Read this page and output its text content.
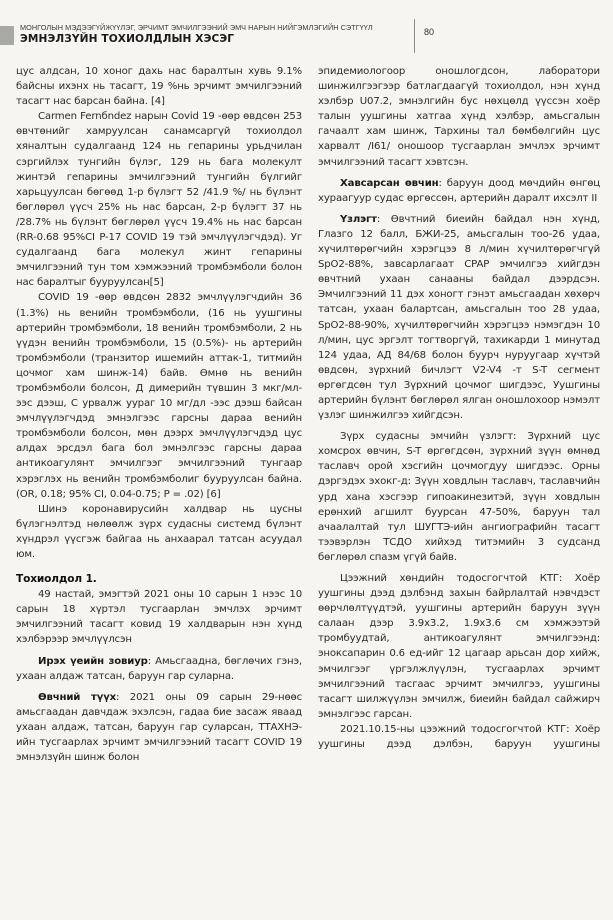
МОНГОЛЫН МЭДЭЭГҮЙЖҮҮЛЭГ, ЭРЧИМТ ЭМЧИЛГЭЭНИЙ ЭМЧ НАРЫН НИЙГЭМЛЭГИЙН СЭТГҮҮЛ
ЭМНЭЛЗҮЙН ТОХИОЛДЛЫН ХЭСЭГ
80

цус алдсан, 10 хоног дахь нас баралтын хувь 9.1% байсны ихэнх нь тасагт, 19 %нь эрчимт эмчилгээний тасагт нас барсан байна. [4]

Carmen Fernбndez нарын Covid 19 -өөр өвдсөн 253 өвчтөнийг хамруулсан санамсаргүй тохиолдол хяналтын судалгаанд 124 нь гепарины урьдчилан сэргийлэх тунгийн бүлэг, 129 нь бага молекулт жинтэй гепарины эмчилгээний тунгийн бүлгийг харьцуулсан бөгөөд 1-р бүлэгт 52 /41.9 %/ нь бүлэнт бөглөрөл үүсч 25% нь нас барсан, 2-р бүлэгт 37 нь /28.7% нь бүлэнт бөглөрөл үүсч 19.4% нь нас барсан (RR-0.68 95%CI P-17 COVID 19 тэй эмчлүүлэгчдэд). Уг судалгаанд бага молекул жинт гепарины эмчилгээний тун том хэмжээний тромбэмболи болон нас баралтыг бууруулсан[5]

COVID 19 -өөр өвдсөн 2832 эмчлүүлэгчдийн 36 (1.3%) нь венийн тромбэмболи, (16 нь уушгины артерийн тромбэмболи, 18 венийн тромбэмболи, 2 нь үүдэн венийн тромбэмболи, 15 (0.5%)- нь артерийн тромбэмболи (транзитор ишемийн аттак-1, титмийн цочмог хам шинж-14) байв. Өмнө нь венийн тромбэмболи болсон, Д димерийн түвшин 3 мкг/мл-ээс дээш, С урвалж уураг 10 мг/дл -ээс дээш байсан эмчлүүлэгчдэд эмнэлгээс гарсны дараа венийн тромбэмболи болсон, мөн дээрх эмчлүүлэгчдэд цус алдах эрсдэл бага бол эмнэлгээс гарсны дараа антикоагулянт эмчилгээг эмчилгээний тунгаар хэрэглэх нь венийн тромбэмболиг бууруулсан байна.(OR, 0.18; 95% CI, 0.04-0.75; P = .02) [6]

Шинэ коронавирусийн халдвар нь цусны бүлэгнэлтэд нөлөөлж зүрх судасны системд бүлэнт хүндрэл үүсгэж байгаа нь анхаарал татсан асуудал юм.

Тохиолдол 1.

49 настай, эмэгтэй 2021 оны 10 сарын 1 нээс 10 сарын 18 хүртэл тусгаарлан эмчлэх эрчимт эмчилгээний тасагт ковид 19 халдварын нэн хүнд хэлбэрээр эмчлүүлсэн

Ирэх үеийн зовиур: Амьсгаадна, бөглөчих гэнэ, ухаан алдаж татсан, баруун гар суларна.

Өвчний түүх: 2021 оны 09 сарын 29-нөөс амьсгаадан давчдаж эхэлсэн, гадаа бие засаж яваад ухаан алдаж, татсан, баруун гар суларсан, ТТАХНЭ-ийн тусгаарлах эрчимт эмчилгээний тасагт COVID 19 эмнэлзүйн шинж болон

эпидемиологоор оношлогдсон, лаборатори шинжилгээгээр батлагдаагүй тохиолдол, нэн хүнд хэлбэр U07.2, эмнэлгийн бус нөхцөлд үүссэн хоёр талын уушгины хатгаа хүнд хэлбэр, амьсгалын гачаалт хам шинж, Тархины тал бөмбөлгийн цус харвалт /I61/ оношоор тусгаарлан эмчлэх эрчимт эмчилгээний тасагт хэвтсэн.

Хавсарсан өвчин: баруун доод мөчдийн өнгөц хураагуур судас өргөссөн, артерийн даралт ихсэлт II

Үзлэгт: Өвчтний биеийн байдал нэн хүнд, Глазго 12 балл, БЖИ-25, амьсгалын тоо-26 удаа, хүчилтөрөгчийн хэрэгцээ 8 л/мин хүчилтөрөгчгүй SpO2-88%, завсарлагаат CPAP эмчилгээ хийгдэн өвчтний ухаан санааны байдал дээрдсэн. Эмчилгээний 11 дэх хоногт гэнэт амьсгаадан хөхөрч татсан, ухаан балартсан, амьсгалын тоо 28 удаа, SpO2-88-90%, хүчилтөрөгчийн хэрэгцээ нэмэгдэн 10 л/мин, цус эргэлт тогтворгүй, тахикарди 1 минутад 124 удаа, АД 84/68 болон буурч нуруугаар хүчтэй өвдсөн, зүрхний бичлэгт V2-V4 -т S-T сегмент өргөгдсөн тул Зүрхний цочмог шигдээс, Уушгины артерийн бүлэнт бөглөрөл ялган оношлохоор нэмэлт үзлэг шинжилгээ хийгдсэн.

Зүрх судасны эмчийн үзлэгт: Зүрхний цус хомсрох өвчин, S-T өргөгдсөн, зүрхний зүүн өмнөд таславч орой хэсгийн цочмогдуу шигдээс. Орны дэргэдэх эхокг-д: Зүүн ховдлын таславч, таславчийн урд хана хэсгээр гипоакинезитэй, зүүн ховдлын ерөнхий агшилт буурсан 47-50%, баруун тал ачаалалтай тул ШУГТЭ-ийн ангиографийн тасагт тээвэрлэн ТСДО хийхэд титэмийн 3 судсанд бөглөрөл спазм үгүй байв.

Цээжний хөндийн тодосгогчтой КТГ: Хоёр уушгины дээд дэлбэнд захын байрлалтай нэвчдэст өөрчлөлтүүдтэй, уушгины артерийн баруун зүүн салаан дээр 3.9х3.2, 1.9х3.6 см хэмжээтэй тромбуудтай, антикоагулянт эмчилгээнд: эноксапарин 0.6 ед-ийг 12 цагаар арьсан дор хийж, эмчилгээг үргэлжлүүлэн, тусгаарлах эрчимт эмчилгээний тасгаас эрчимт эмчилгээ, уушгины тасагт шилжүүлэн эмчилж, биеийн байдал сайжирч эмнэлгээс гарсан.

2021.10.15-ны цээжний тодосгогчтой КТГ: Хоёр уушгины дээд дэлбэн, баруун уушгины
